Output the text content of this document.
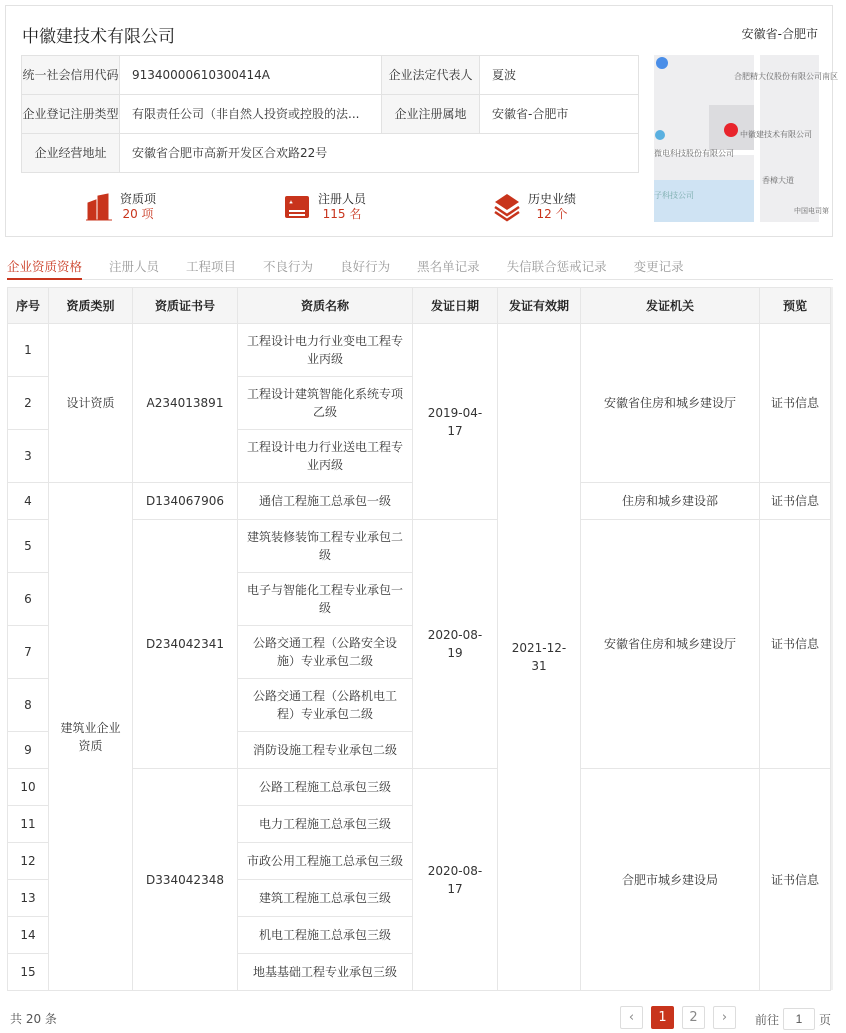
中徽建技术有限公司	安徽省-合肥市
统一社会信用代码	91340000610300414A	企业法定代表人	夏波
企业登记注册类型	有限责任公司（非自然人投资或控股的法...	企业注册属地	安徽省-合肥市
企业经营地址	安徽省合肥市高新开发区合欢路22号		
合肥精大仪股份有限公司南区
中徽建技术有限公司
微电科技股份有限公司
子科技公司
香樟大道
中国电司第
资质项
20 项
注册人员
115 名
历史业绩
12 个
企业资质资格 注册人员 工程项目 不良行为 良好行为 黑名单记录 失信联合惩戒记录 变更记录
序号	资质类别	资质证书号	资质名称	发证日期	发证有效期	发证机关	预览
1	设计资质	A234013891	工程设计电力行业变电工程专业丙级	2019-04-17	2021-12-31	安徽省住房和城乡建设厅	证书信息
2			工程设计建筑智能化系统专项乙级				
3			工程设计电力行业送电工程专业丙级				
4	建筑业企业资质	D134067906	通信工程施工总承包一级			住房和城乡建设部	证书信息
5		D234042341	建筑装修装饰工程专业承包二级	2020-08-19		安徽省住房和城乡建设厅	证书信息
6			电子与智能化工程专业承包一级				
7			公路交通工程（公路安全设施）专业承包二级				
8			公路交通工程（公路机电工程）专业承包二级				
9			消防设施工程专业承包二级				
10		D334042348	公路工程施工总承包三级	2020-08-17		合肥市城乡建设局	证书信息
11			电力工程施工总承包三级				
12			市政公用工程施工总承包三级				
13			建筑工程施工总承包三级				
14			机电工程施工总承包三级				
15			地基基础工程专业承包三级				
共 20 条	‹	1	2	›	前往
1	页
